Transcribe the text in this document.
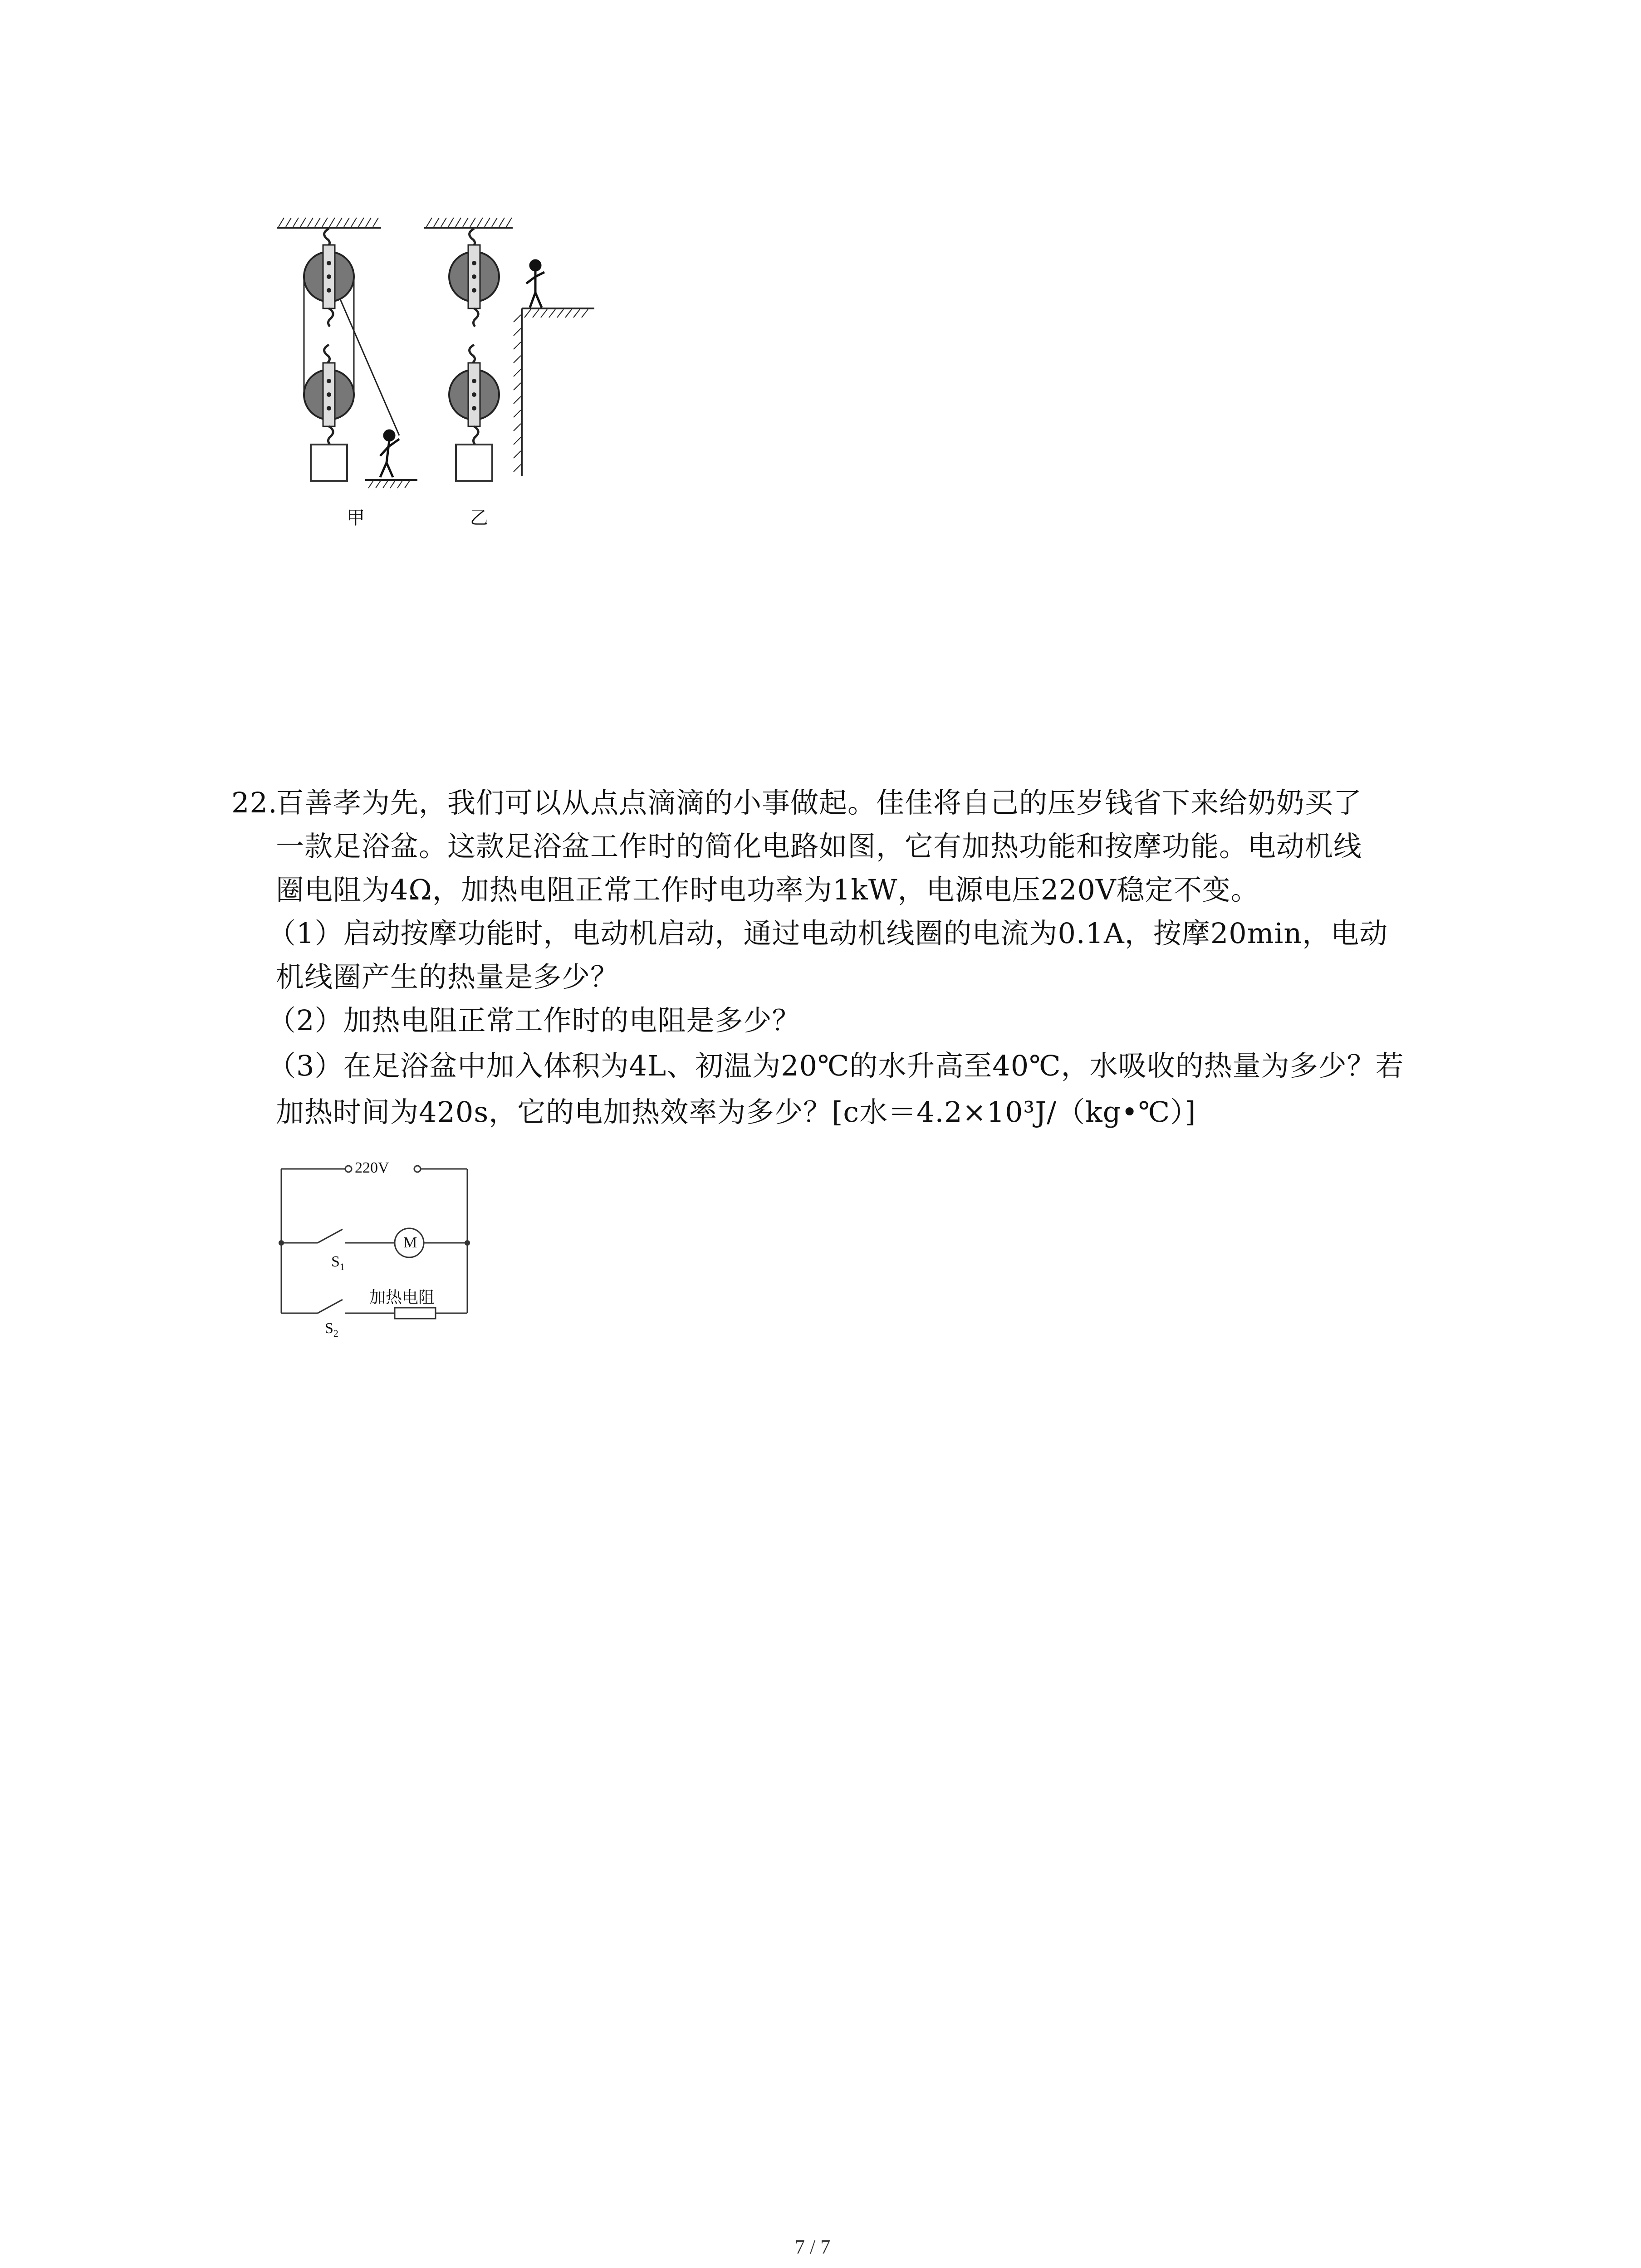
甲	乙
22.
百善孝为先，我们可以从点点滴滴的小事做起。佳佳将自己的压岁钱省下来给奶奶买了
一款足浴盆。这款足浴盆工作时的简化电路如图，它有加热功能和按摩功能。电动机线
圈电阻为4Ω，加热电阻正常工作时电功率为1kW，电源电压220V稳定不变。
（1）启动按摩功能时，电动机启动，通过电动机线圈的电流为0.1A，按摩20min，电动
机线圈产生的热量是多少？
（2）加热电阻正常工作时的电阻是多少？
（3）在足浴盆中加入体积为4L、初温为20℃的水升高至40℃，水吸收的热量为多少？若
加热时间为420s，它的电加热效率为多少？[c水＝4.2×10³J/（kg•℃）]
220V
M
$S_1$
$S_2$
加热电阻
7 / 7
